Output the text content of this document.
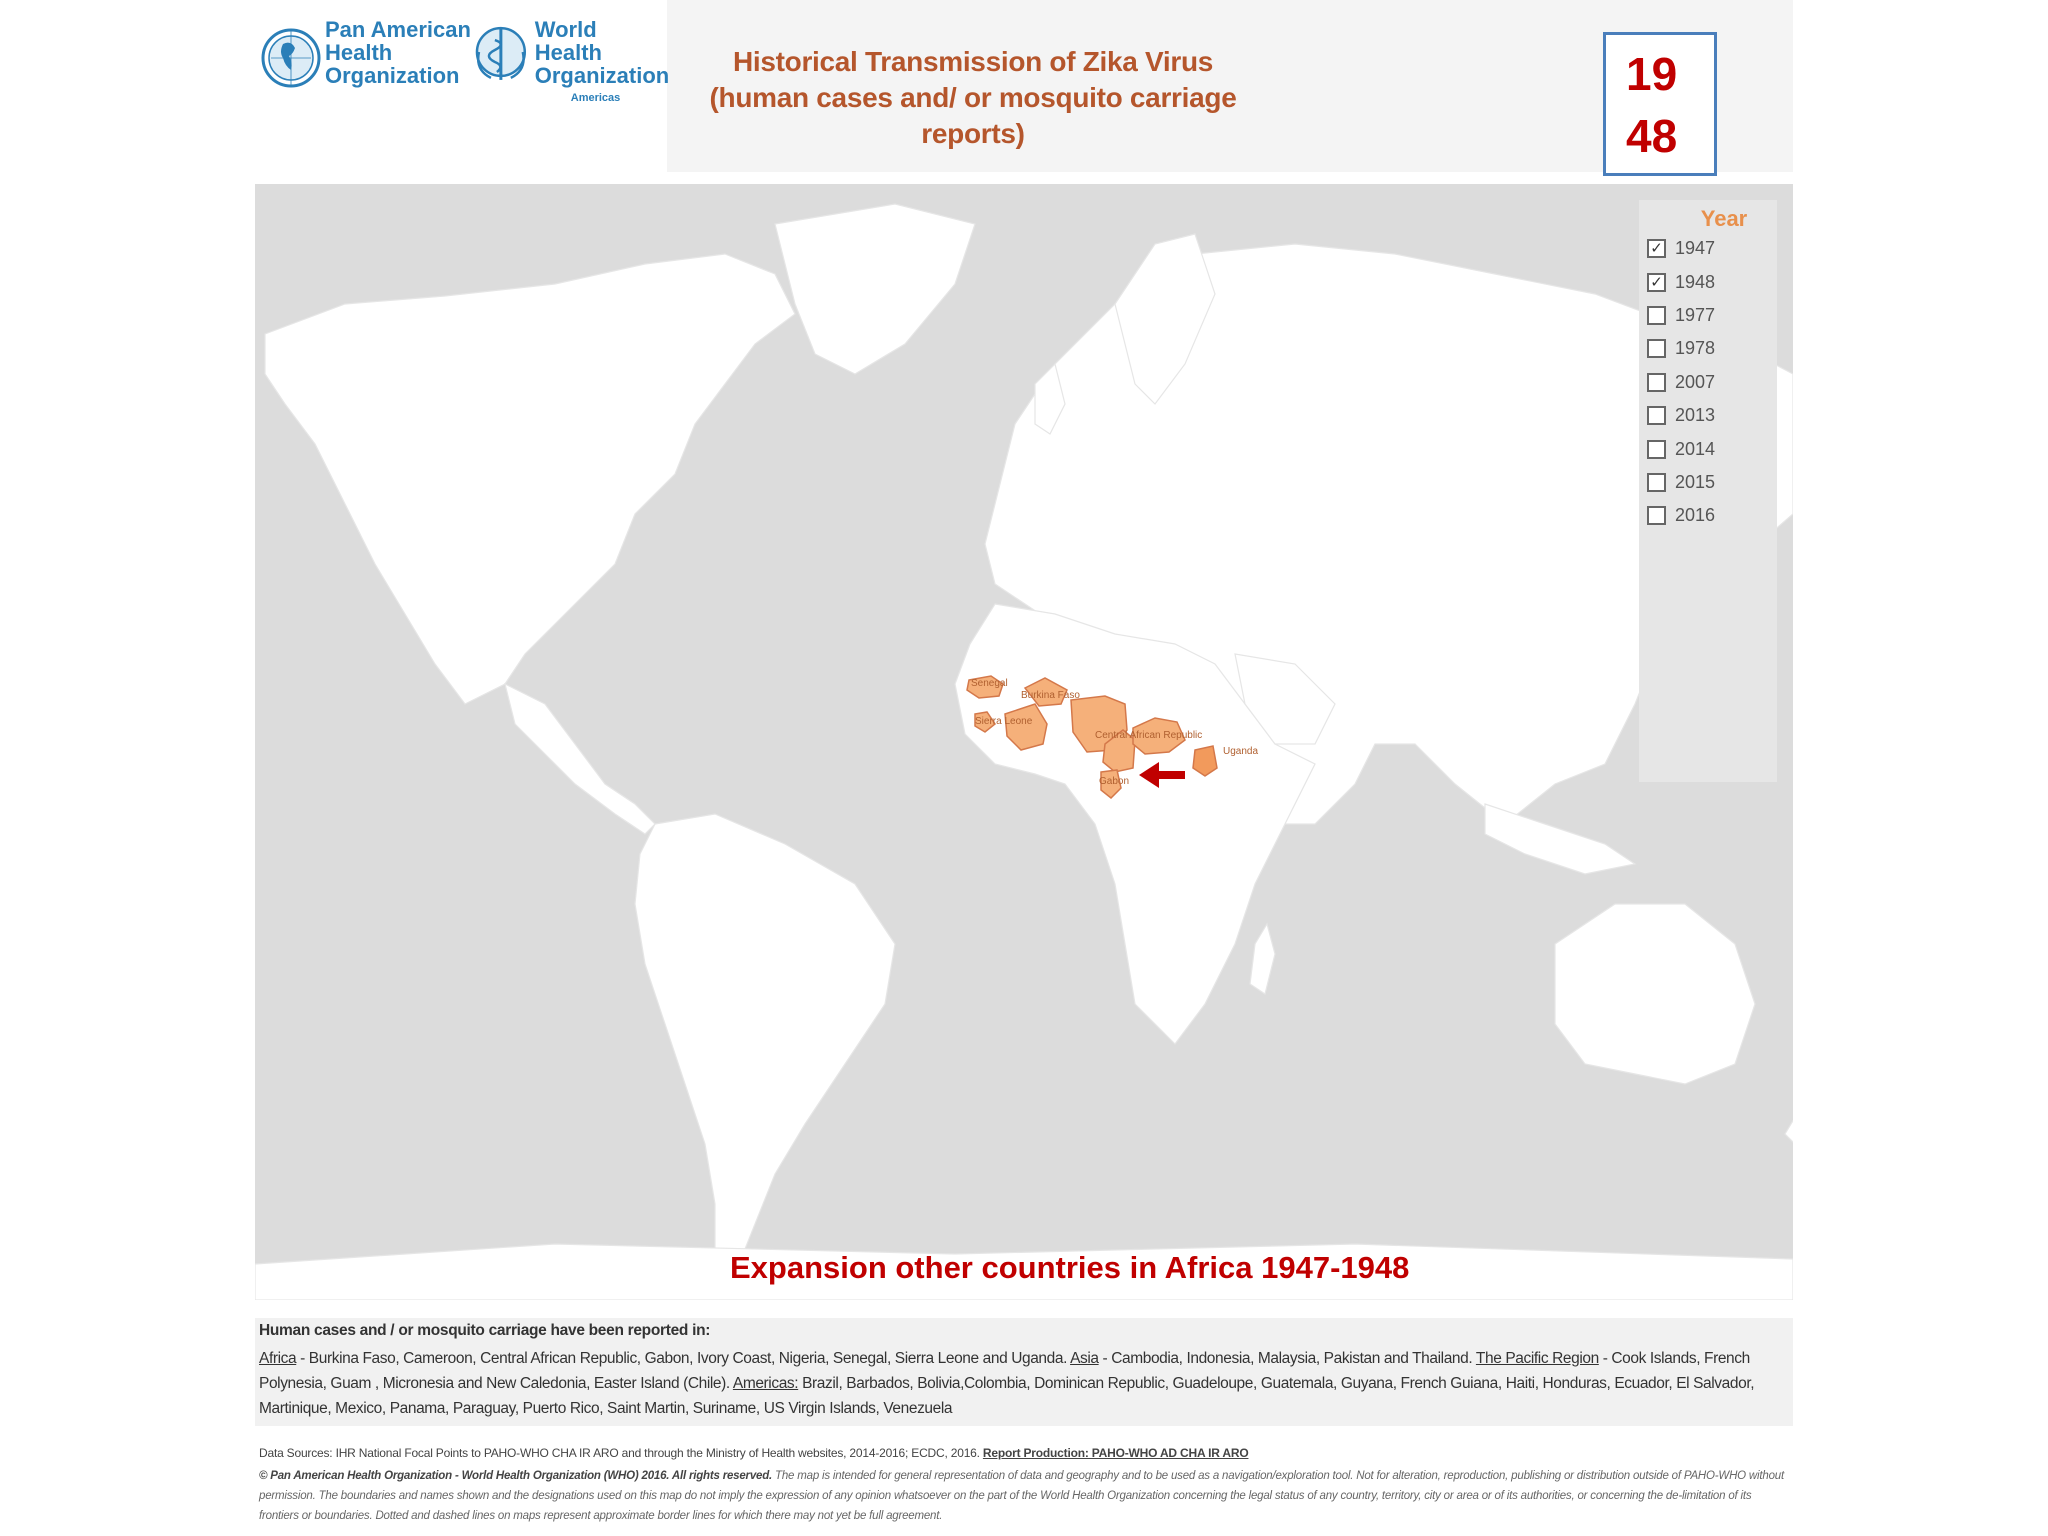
Pan American
Health
Organization
World Health
Organization
Americas
Historical Transmission of Zika Virus
(human cases and/ or mosquito carriage reports)
19
48
Senegal
Burkina Faso
Sierra Leone
Central African Republic
Uganda
Gabon
Year
✓ 1947
✓ 1948
1977
1978
2007
2013
2014
2015
2016
Expansion other countries in Africa 1947-1948
Human cases and / or mosquito carriage have been reported in:
Africa - Burkina Faso, Cameroon, Central African Republic, Gabon, Ivory Coast, Nigeria, Senegal, Sierra Leone and Uganda. Asia - Cambodia, Indonesia, Malaysia, Pakistan and Thailand. The Pacific Region - Cook Islands, French Polynesia, Guam , Micronesia and New Caledonia, Easter Island (Chile). Americas: Brazil, Barbados, Bolivia,Colombia, Dominican Republic, Guadeloupe, Guatemala, Guyana, French Guiana, Haiti, Honduras, Ecuador, El Salvador, Martinique, Mexico, Panama, Paraguay, Puerto Rico, Saint Martin, Suriname, US Virgin Islands, Venezuela
Data Sources: IHR National Focal Points to PAHO-WHO CHA IR ARO and through the Ministry of Health websites, 2014-2016; ECDC, 2016. Report Production: PAHO-WHO AD CHA IR ARO
© Pan American Health Organization - World Health Organization (WHO) 2016. All rights reserved. The map is intended for general representation of data and geography and to be used as a navigation/exploration tool. Not for alteration, reproduction, publishing or distribution outside of PAHO-WHO without permission. The boundaries and names shown and the designations used on this map do not imply the expression of any opinion whatsoever on the part of the World Health Organization concerning the legal status of any country, territory, city or area or of its authorities, or concerning the de-limitation of its frontiers or boundaries. Dotted and dashed lines on maps represent approximate border lines for which there may not yet be full agreement.
